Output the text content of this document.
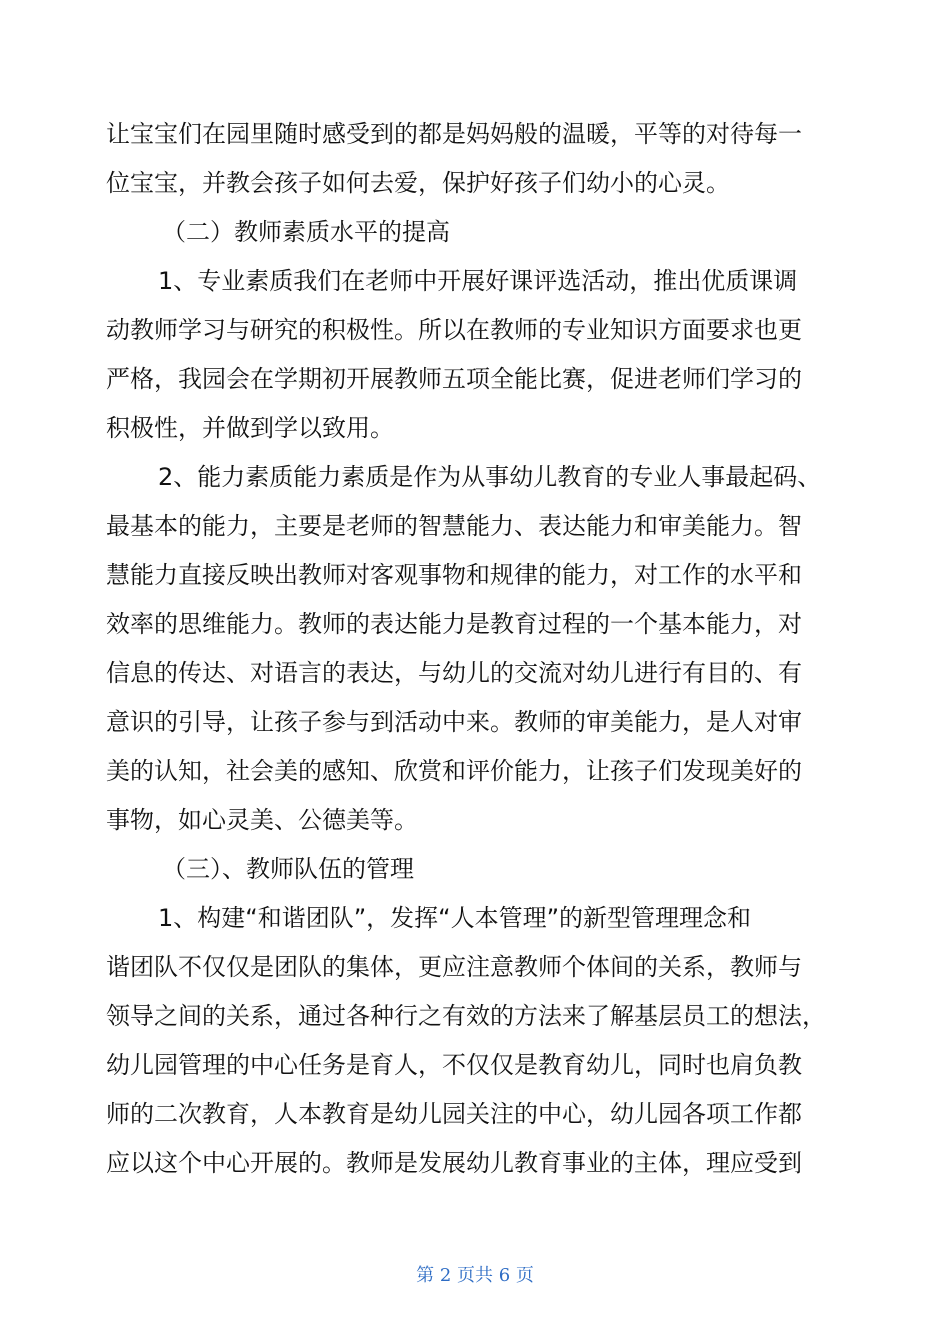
让宝宝们在园里随时感受到的都是妈妈般的温暖，平等的对待每一
位宝宝，并教会孩子如何去爱，保护好孩子们幼小的心灵。
（二）教师素质水平的提高
1、专业素质我们在老师中开展好课评选活动，推出优质课调
动教师学习与研究的积极性。所以在教师的专业知识方面要求也更
严格，我园会在学期初开展教师五项全能比赛，促进老师们学习的
积极性，并做到学以致用。
2、能力素质能力素质是作为从事幼儿教育的专业人事最起码、
最基本的能力，主要是老师的智慧能力、表达能力和审美能力。智
慧能力直接反映出教师对客观事物和规律的能力，对工作的水平和
效率的思维能力。教师的表达能力是教育过程的一个基本能力，对
信息的传达、对语言的表达，与幼儿的交流对幼儿进行有目的、有
意识的引导，让孩子参与到活动中来。教师的审美能力，是人对审
美的认知，社会美的感知、欣赏和评价能力，让孩子们发现美好的
事物，如心灵美、公德美等。
（三）、教师队伍的管理
1、构建“和谐团队”，发挥“人本管理”的新型管理理念和
谐团队不仅仅是团队的集体，更应注意教师个体间的关系，教师与
领导之间的关系，通过各种行之有效的方法来了解基层员工的想法，
幼儿园管理的中心任务是育人，不仅仅是教育幼儿，同时也肩负教
师的二次教育，人本教育是幼儿园关注的中心，幼儿园各项工作都
应以这个中心开展的。教师是发展幼儿教育事业的主体，理应受到
第 2 页共 6 页
